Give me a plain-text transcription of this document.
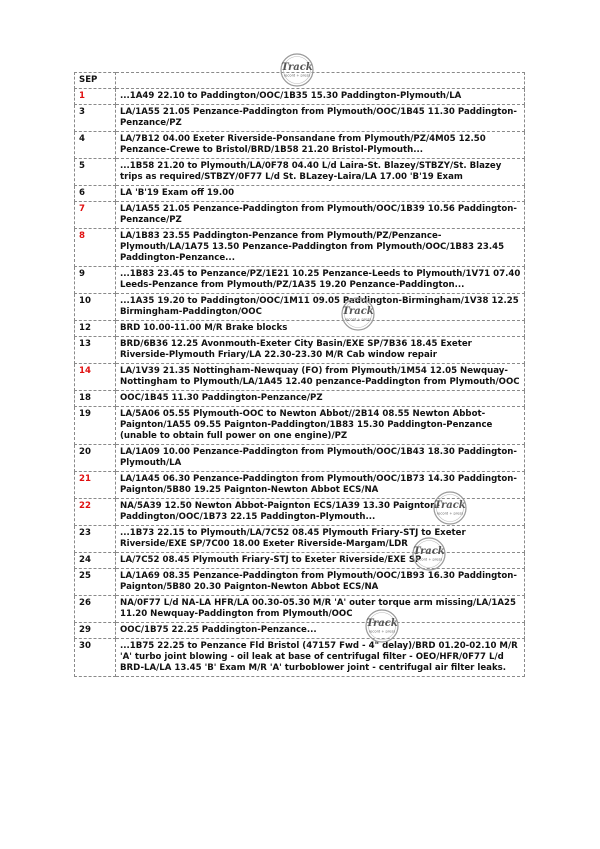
SEP	
1	...1A49 22.10 to Paddington/OOC/1B35 15.30 Paddington-Plymouth/LA
3	LA/1A55 21.05 Penzance-Paddington from Plymouth/OOC/1B45 11.30 Paddington-Penzance/PZ
4	LA/7B12 04.00 Exeter Riverside-Ponsandane from Plymouth/PZ/4M05 12.50 Penzance-Crewe to Bristol/BRD/1B58 21.20 Bristol-Plymouth...
5	...1B58 21.20 to Plymouth/LA/0F78 04.40 L/d Laira-St. Blazey/STBZY/St. Blazey trips as required/STBZY/0F77 L/d St. BLazey-Laira/LA 17.00 'B'19 Exam
6	LA 'B'19 Exam off 19.00
7	LA/1A55 21.05 Penzance-Paddington from Plymouth/OOC/1B39 10.56 Paddington-Penzance/PZ
8	LA/1B83 23.55 Paddington-Penzance from Plymouth/PZ/Penzance-Plymouth/LA/1A75 13.50 Penzance-Paddington from Plymouth/OOC/1B83 23.45 Paddington-Penzance...
9	...1B83 23.45 to Penzance/PZ/1E21 10.25 Penzance-Leeds to Plymouth/1V71 07.40 Leeds-Penzance from Plymouth/PZ/1A35 19.20 Penzance-Paddington...
10	...1A35 19.20 to Paddington/OOC/1M11 09.05 Paddington-Birmingham/1V38 12.25 Birmingham-Paddington/OOC
12	BRD 10.00-11.00 M/R Brake blocks
13	BRD/6B36 12.25 Avonmouth-Exeter City Basin/EXE SP/7B36 18.45 Exeter Riverside-Plymouth Friary/LA 22.30-23.30 M/R Cab window repair
14	LA/1V39 21.35 Nottingham-Newquay (FO) from Plymouth/1M54 12.05 Newquay-Nottingham to Plymouth/LA/1A45 12.40 penzance-Paddington from Plymouth/OOC
18	OOC/1B45 11.30 Paddington-Penzance/PZ
19	LA/5A06 05.55 Plymouth-OOC to Newton Abbot//2B14 08.55 Newton Abbot-Paignton/1A55 09.55 Paignton-Paddington/1B83 15.30 Paddington-Penzance (unable to obtain full power on one engine)/PZ
20	LA/1A09 10.00 Penzance-Paddington from Plymouth/OOC/1B43 18.30 Paddington-Plymouth/LA
21	LA/1A45 06.30 Penzance-Paddington from Plymouth/OOC/1B73 14.30 Paddington-Paignton/5B80 19.25 Paignton-Newton Abbot ECS/NA
22	NA/5A39 12.50 Newton Abbot-Paignton ECS/1A39 13.30 Paignton-Paddington/OOC/1B73 22.15 Paddington-Plymouth...
23	...1B73 22.15 to Plymouth/LA/7C52 08.45 Plymouth Friary-STJ to Exeter Riverside/EXE SP/7C00 18.00 Exeter Riverside-Margam/LDR
24	LA/7C52 08.45 Plymouth Friary-STJ to Exeter Riverside/EXE SP
25	LA/1A69 08.35 Penzance-Paddington from Plymouth/OOC/1B93 16.30 Paddington-Paignton/5B80 20.30 Paignton-Newton Abbot ECS/NA
26	NA/0F77 L/d NA-LA HFR/LA 00.30-05.30 M/R 'A' outer torque arm missing/LA/1A25 11.20 Newquay-Paddington from Plymouth/OOC
29	OOC/1B75 22.25 Paddington-Penzance...
30	...1B75 22.25 to Penzance Fld Bristol (47157 Fwd - 4" delay)/BRD 01.20-02.10 M/R 'A' turbo joint blowing - oil leak at base of centrifugal filter - OEO/HFR/0F77 L/d BRD-LA/LA 13.45 'B' Exam M/R 'A' turboblower joint - centrifugal air filter leaks.
Track
record + press
Track
record + press
Track
record + press
Track
record + press
Track
record + press
